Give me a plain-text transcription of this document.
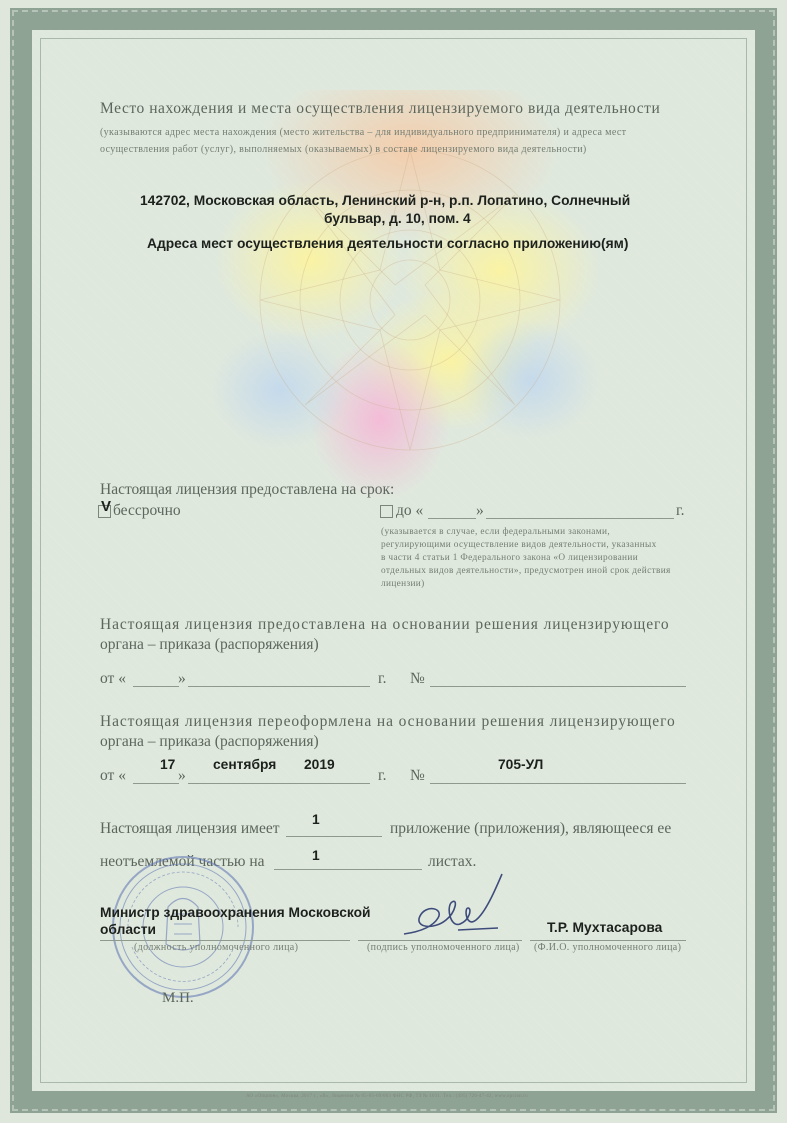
Место нахождения и места осуществления лицензируемого вида деятельности
(указываются адрес места нахождения (место жительства – для индивидуального предпринимателя) и адреса мест
осуществления работ (услуг), выполняемых (оказываемых) в составе лицензируемого вида деятельности)
142702, Московская область, Ленинский р-н, р.п. Лопатино, Солнечный
бульвар, д. 10, пом. 4
Адреса мест осуществления деятельности согласно приложению(ям)
Настоящая лицензия предоставлена на срок:
V бессрочно	до «	»	г.
(указывается в случае, если федеральными законами,
регулирующими осуществление видов деятельности, указанных
в части 4 статьи 1 Федерального закона «О лицензировании
отдельных видов деятельности», предусмотрен иной срок действия
лицензии)
Настоящая лицензия предоставлена на основании решения лицензирующего
органа – приказа (распоряжения)
от «	»	г. №
Настоящая лицензия переоформлена на основании решения лицензирующего
органа – приказа (распоряжения)
от «
17
»
сентября 2019
г. №
705-УЛ
Настоящая лицензия имеет
1
приложение (приложения), являющееся ее
неотъемлемой частью на	1	листах.
Министр здравоохранения Московской
области
(должность уполномоченного лица)	(подпись уполномоченного лица)
Т.Р. Мухтасарова
(Ф.И.О. уполномоченного лица)
М.П.
АО «Опцион», Москва, 2017 г., «В», Лицензия № 05-05-09/003 ФНС РФ, ТЗ № 1031. Тел.: (495) 726-47-42, www.opcion.ru
